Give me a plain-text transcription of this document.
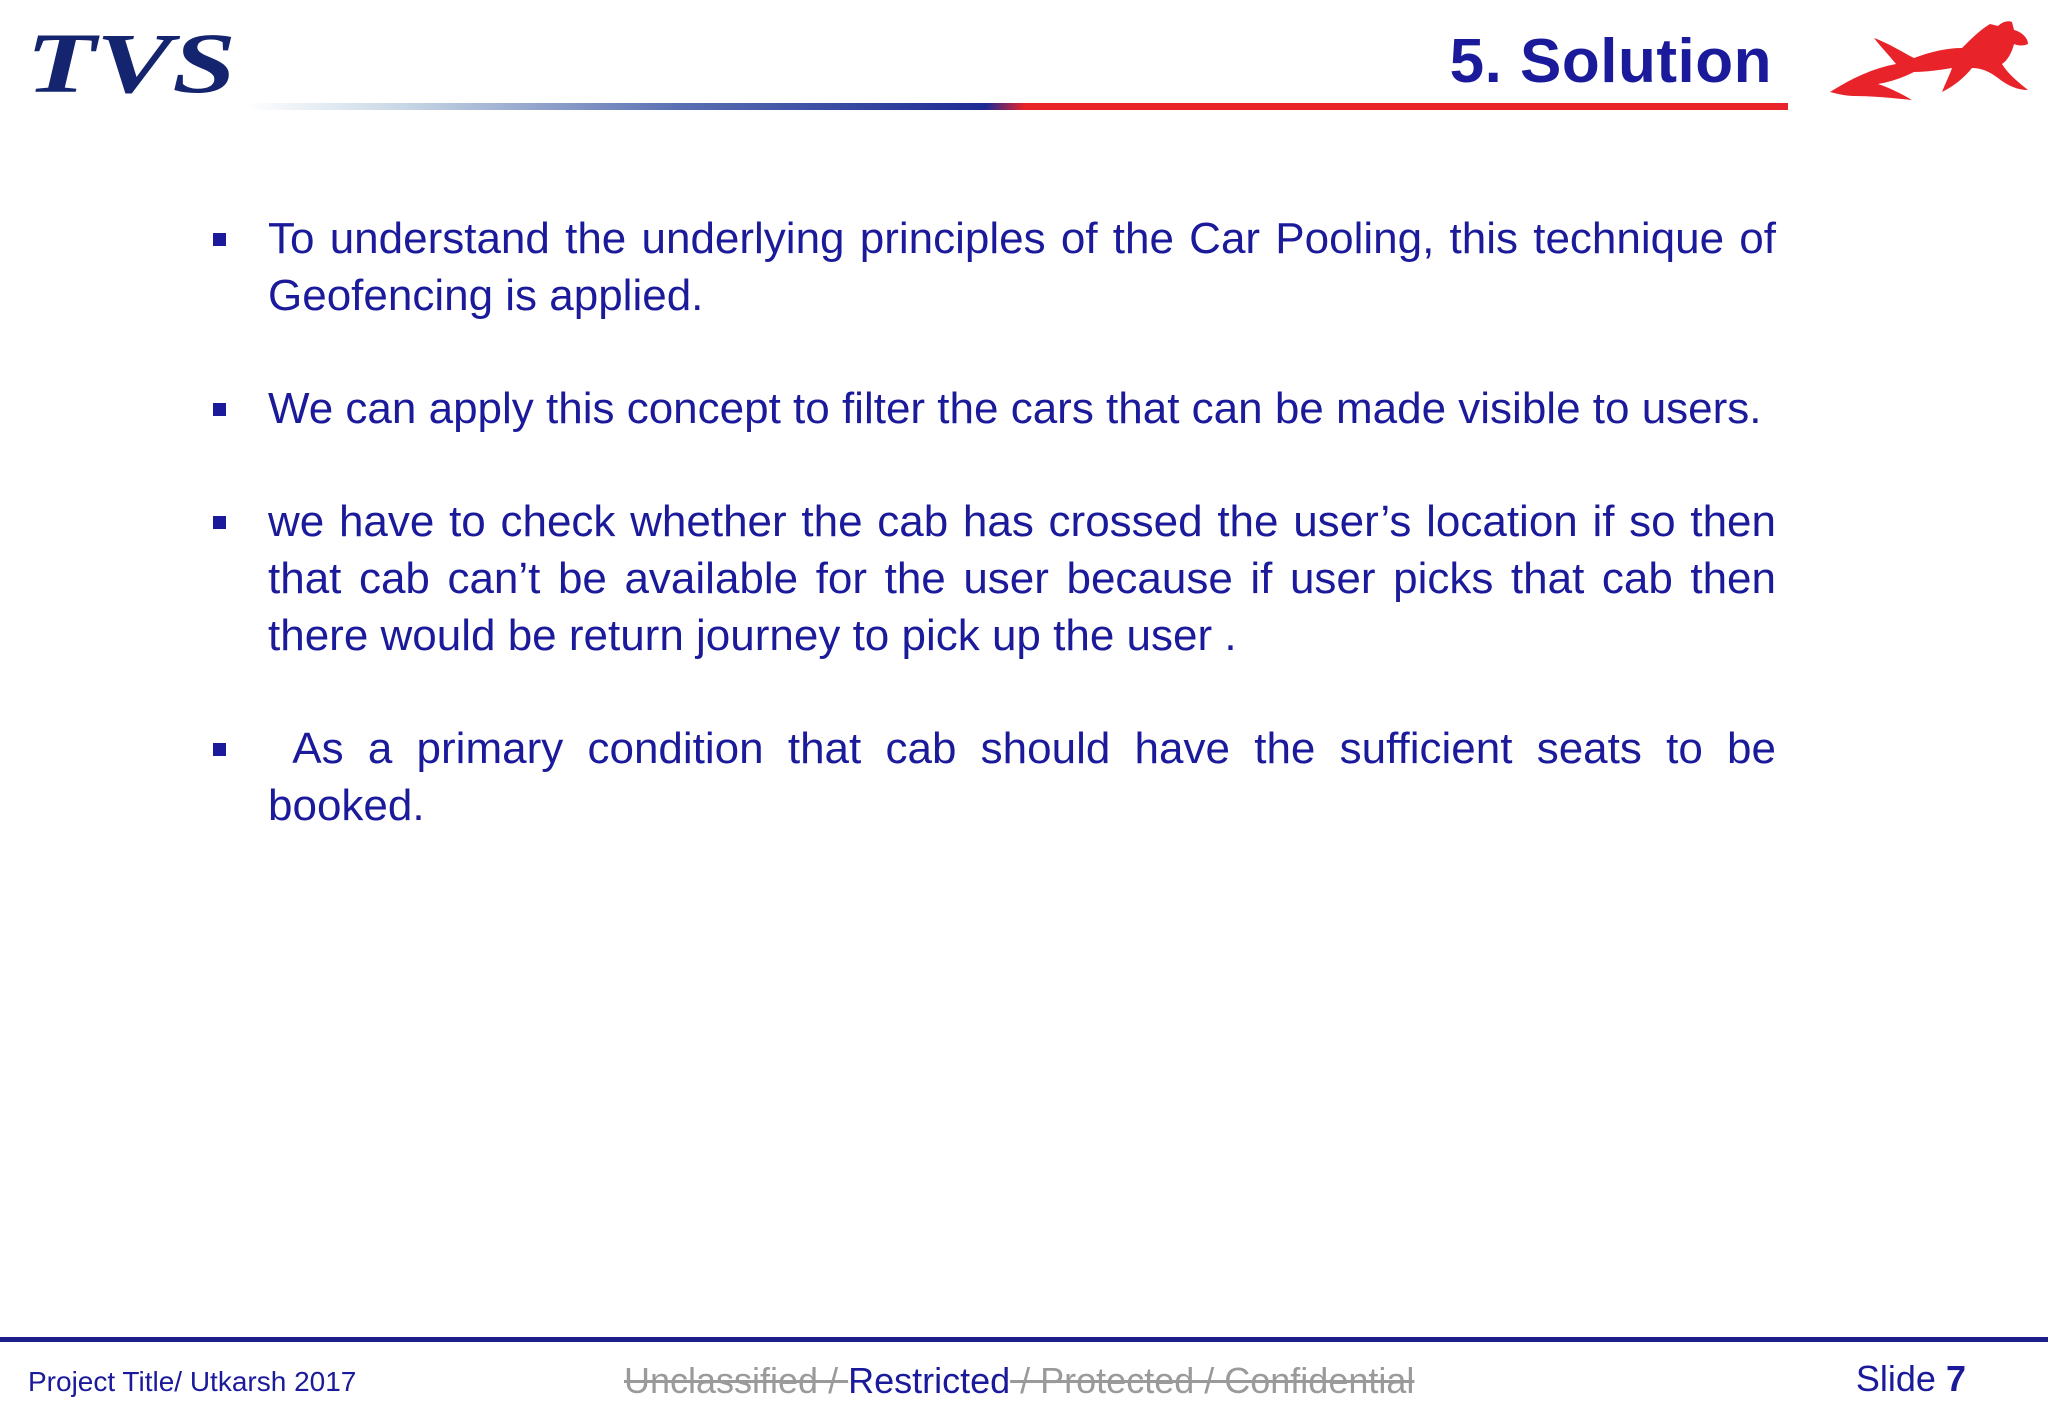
TVS	5. Solution
To understand the underlying principles of the Car Pooling, this technique of Geofencing is applied.
We can apply this concept to filter the cars that can be made visible to users.
we have to check whether the cab has crossed the user’s location if so then that cab can’t be available for the user because if user picks that cab then there would be return journey to pick up the user .
As a primary condition that cab should have the sufficient seats to be booked.
Project Title/ Utkarsh 2017	Unclassified / Restricted / Protected / Confidential	Slide 7
